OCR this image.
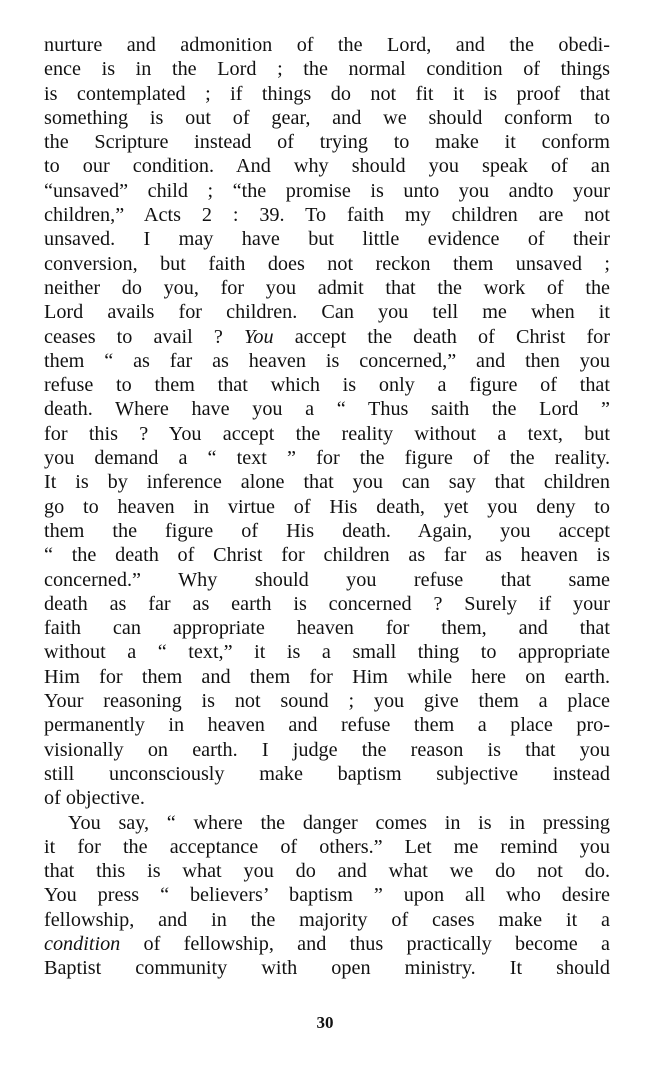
nurture and admonition of the Lord, and the obedi-
ence is in the Lord ; the normal condition of things
is contemplated ; if things do not fit it is proof that
something is out of gear, and we should conform to
the Scripture instead of trying to make it conform
to our condition. And why should you speak of an
“unsaved” child ; “the promise is unto you andto your
children,” Acts 2 : 39. To faith my children are not
unsaved. I may have but little evidence of their
conversion, but faith does not reckon them unsaved ;
neither do you, for you admit that the work of the
Lord avails for children. Can you tell me when it
ceases to avail ? You accept the death of Christ for
them “ as far as heaven is concerned,” and then you
refuse to them that which is only a figure of that
death. Where have you a “ Thus saith the Lord ”
for this ? You accept the reality without a text, but
you demand a “ text ” for the figure of the reality.
It is by inference alone that you can say that children
go to heaven in virtue of His death, yet you deny to
them the figure of His death. Again, you accept
“ the death of Christ for children as far as heaven is
concerned.” Why should you refuse that same
death as far as earth is concerned ? Surely if your
faith can appropriate heaven for them, and that
without a “ text,” it is a small thing to appropriate
Him for them and them for Him while here on earth.
Your reasoning is not sound ; you give them a place
permanently in heaven and refuse them a place pro-
visionally on earth. I judge the reason is that you
still unconsciously make baptism subjective instead
of objective.
You say, “ where the danger comes in is in pressing
it for the acceptance of others.” Let me remind you
that this is what you do and what we do not do.
You press “ believers’ baptism ” upon all who desire
fellowship, and in the majority of cases make it a
condition of fellowship, and thus practically become a
Baptist community with open ministry. It should
30
